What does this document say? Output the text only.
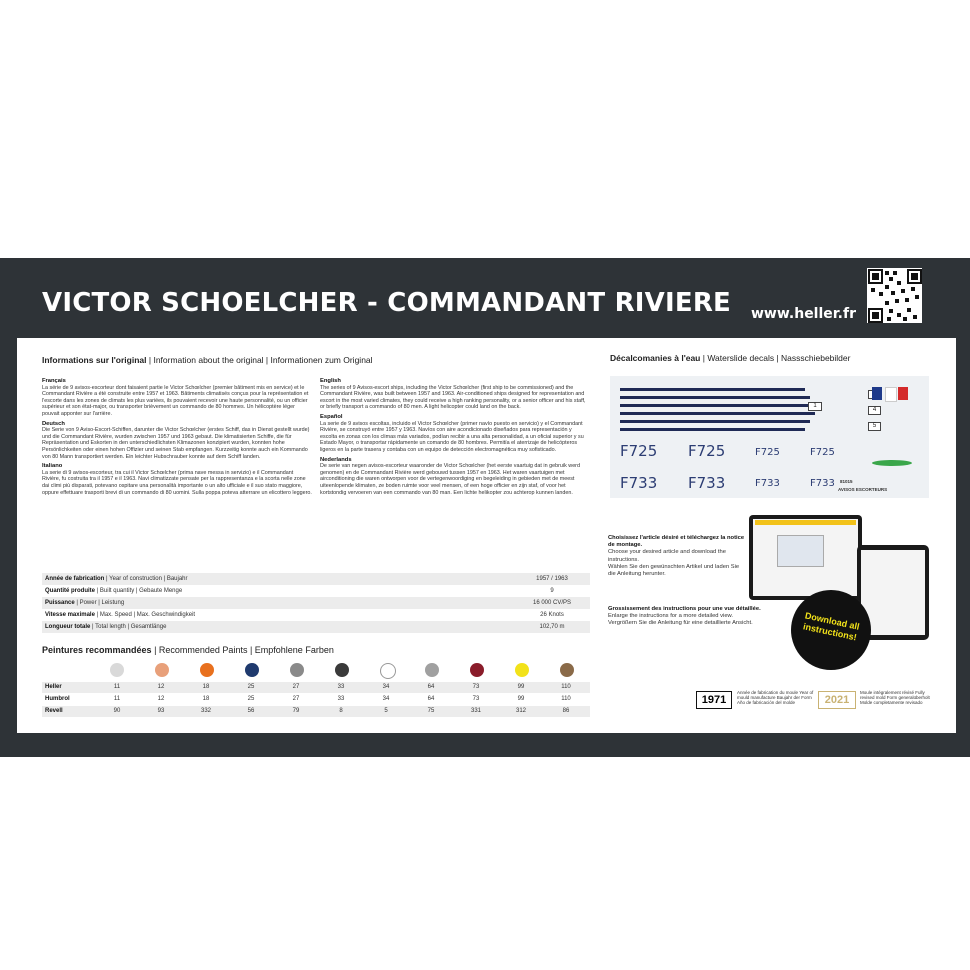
VICTOR SCHOELCHER - COMMANDANT RIVIERE www.heller.fr
Informations sur l'original | Information about the original | Informationen zum Original
Français

La série de 9 avisos-escorteur dont faisaient partie le Victor Schœlcher (premier bâtiment mis en service) et le Commandant Rivière a été construite entre 1957 et 1963. Bâtiments climatisés conçus pour la représentation et l'escorte dans les zones de climats les plus variées, ils pouvaient recevoir une haute personnalité, ou un officier supérieur et son état-major, ou transporter brièvement un commando de 80 hommes. Un hélicoptère léger pouvait apponter sur l'arrière.

Deutsch

Die Serie von 9 Aviso-Escort-Schiffen, darunter die Victor Schœlcher (erstes Schiff, das in Dienst gestellt wurde) und die Commandant Rivière, wurden zwischen 1957 und 1963 gebaut. Die klimatisierten Schiffe, die für Repräsentation und Eskorten in den unterschiedlichsten Klimazonen konzipiert wurden, konnten hohe Persönlichkeiten oder einen hohen Offizier und seinen Stab empfangen. Kurzzeitig konnte auch ein Kommando von 80 Mann transportiert werden. Ein leichter Hubschrauber konnte auf dem Schiff landen.

Italiano

La serie di 9 avisos-escorteur, tra cui il Victor Schœlcher (prima nave messa in servizio) e il Commandant Rivière, fu costruita tra il 1957 e il 1963. Navi climatizzate pensate per la rappresentanza e la scorta nelle zone dai climi più disparati, potevano ospitare una personalità importante o un alto ufficiale e il suo stato maggiore, oppure effettuare trasporti brevi di un commando di 80 uomini. Sulla poppa poteva atterrare un elicottero leggero.

English

The series of 9 Avisos-escort ships, including the Victor Schœlcher (first ship to be commissioned) and the Commandant Rivière, was built between 1957 and 1963. Air-conditioned ships designed for representation and escort in the most varied climates, they could receive a high ranking personality, or a senior officer and his staff, or briefly transport a commando of 80 men. A light helicopter could land on the back.

Español

La serie de 9 avisos escoltas, incluido el Victor Schœlcher (primer navío puesto en servicio) y el Commandant Rivière, se construyó entre 1957 y 1963. Navíos con aire acondicionado diseñados para representación y escolta en zonas con los climas más variados, podían recibir a una alta personalidad, a un oficial superior y su Estado Mayor, o transportar rápidamente un comando de 80 hombres. Permitía el aterrizaje de helicópteros ligeros en la parte trasera y contaba con un equipo de detección electromagnética muy sofisticado.

Nederlands

De serie van negen avisos-escorteur waaronder de Victor Schœlcher (het eerste vaartuig dat in gebruik werd genomen) en de Commandant Rivière werd gebouwd tussen 1957 en 1963. Het waren vaartuigen met airconditioning die waren ontworpen voor de vertegenwoordiging en begeleiding in gebieden met de meest uiteenlopende klimaten, ze boden ruimte voor veel mensen, of een hoge officier en zijn staf, of voor het kortstondig vervoeren van een commando van 80 man. Een lichte helikopter zou achterop kunnen landen.

Année de fabrication | Year of construction | Baujahr	1957 / 1963
Quantité produite | Built quantity | Gebaute Menge	9
Puissance | Power | Leistung	16 000 CV/PS
Vitesse maximale | Max. Speed | Max. Geschwindigkeit	26 Knots
Longueur totale | Total length | Gesamtlänge	102,70 m
Peintures recommandées | Recommended Paints | Empfohlene Farben
Heller	11	12	18	25	27	33	34	64	73	99	110
Humbrol	11	12	18	25	27	33	34	64	73	99	110
Revell	90	93	332	56	79	8	5	75	331	312	86
Décalcomanies à l'eau | Waterslide decals | Nassschiebebilder
1
4
5
F725 F725	F725	F725
F733 F733	F733	F733 81015
AVISOS ESCORTEURS
Download all instructions!
Choisissez l'article désiré et téléchargez la notice de montage.
Choose your desired article and download the instructions.
Wählen Sie den gewünschten Artikel und laden Sie die Anleitung herunter.
Grossissement des instructions pour une vue détaillée.
Enlarge the instructions for a more detailed view.
Vergrößern Sie die Anleitung für eine detaillierte Ansicht.
1971
Année de fabrication du moule Year of mould manufacture Baujahr der Form Año de fabricación del molde	2021
Moule intégralement révisé Fully revised mold Form generalüberholt Molde completamente revisado
